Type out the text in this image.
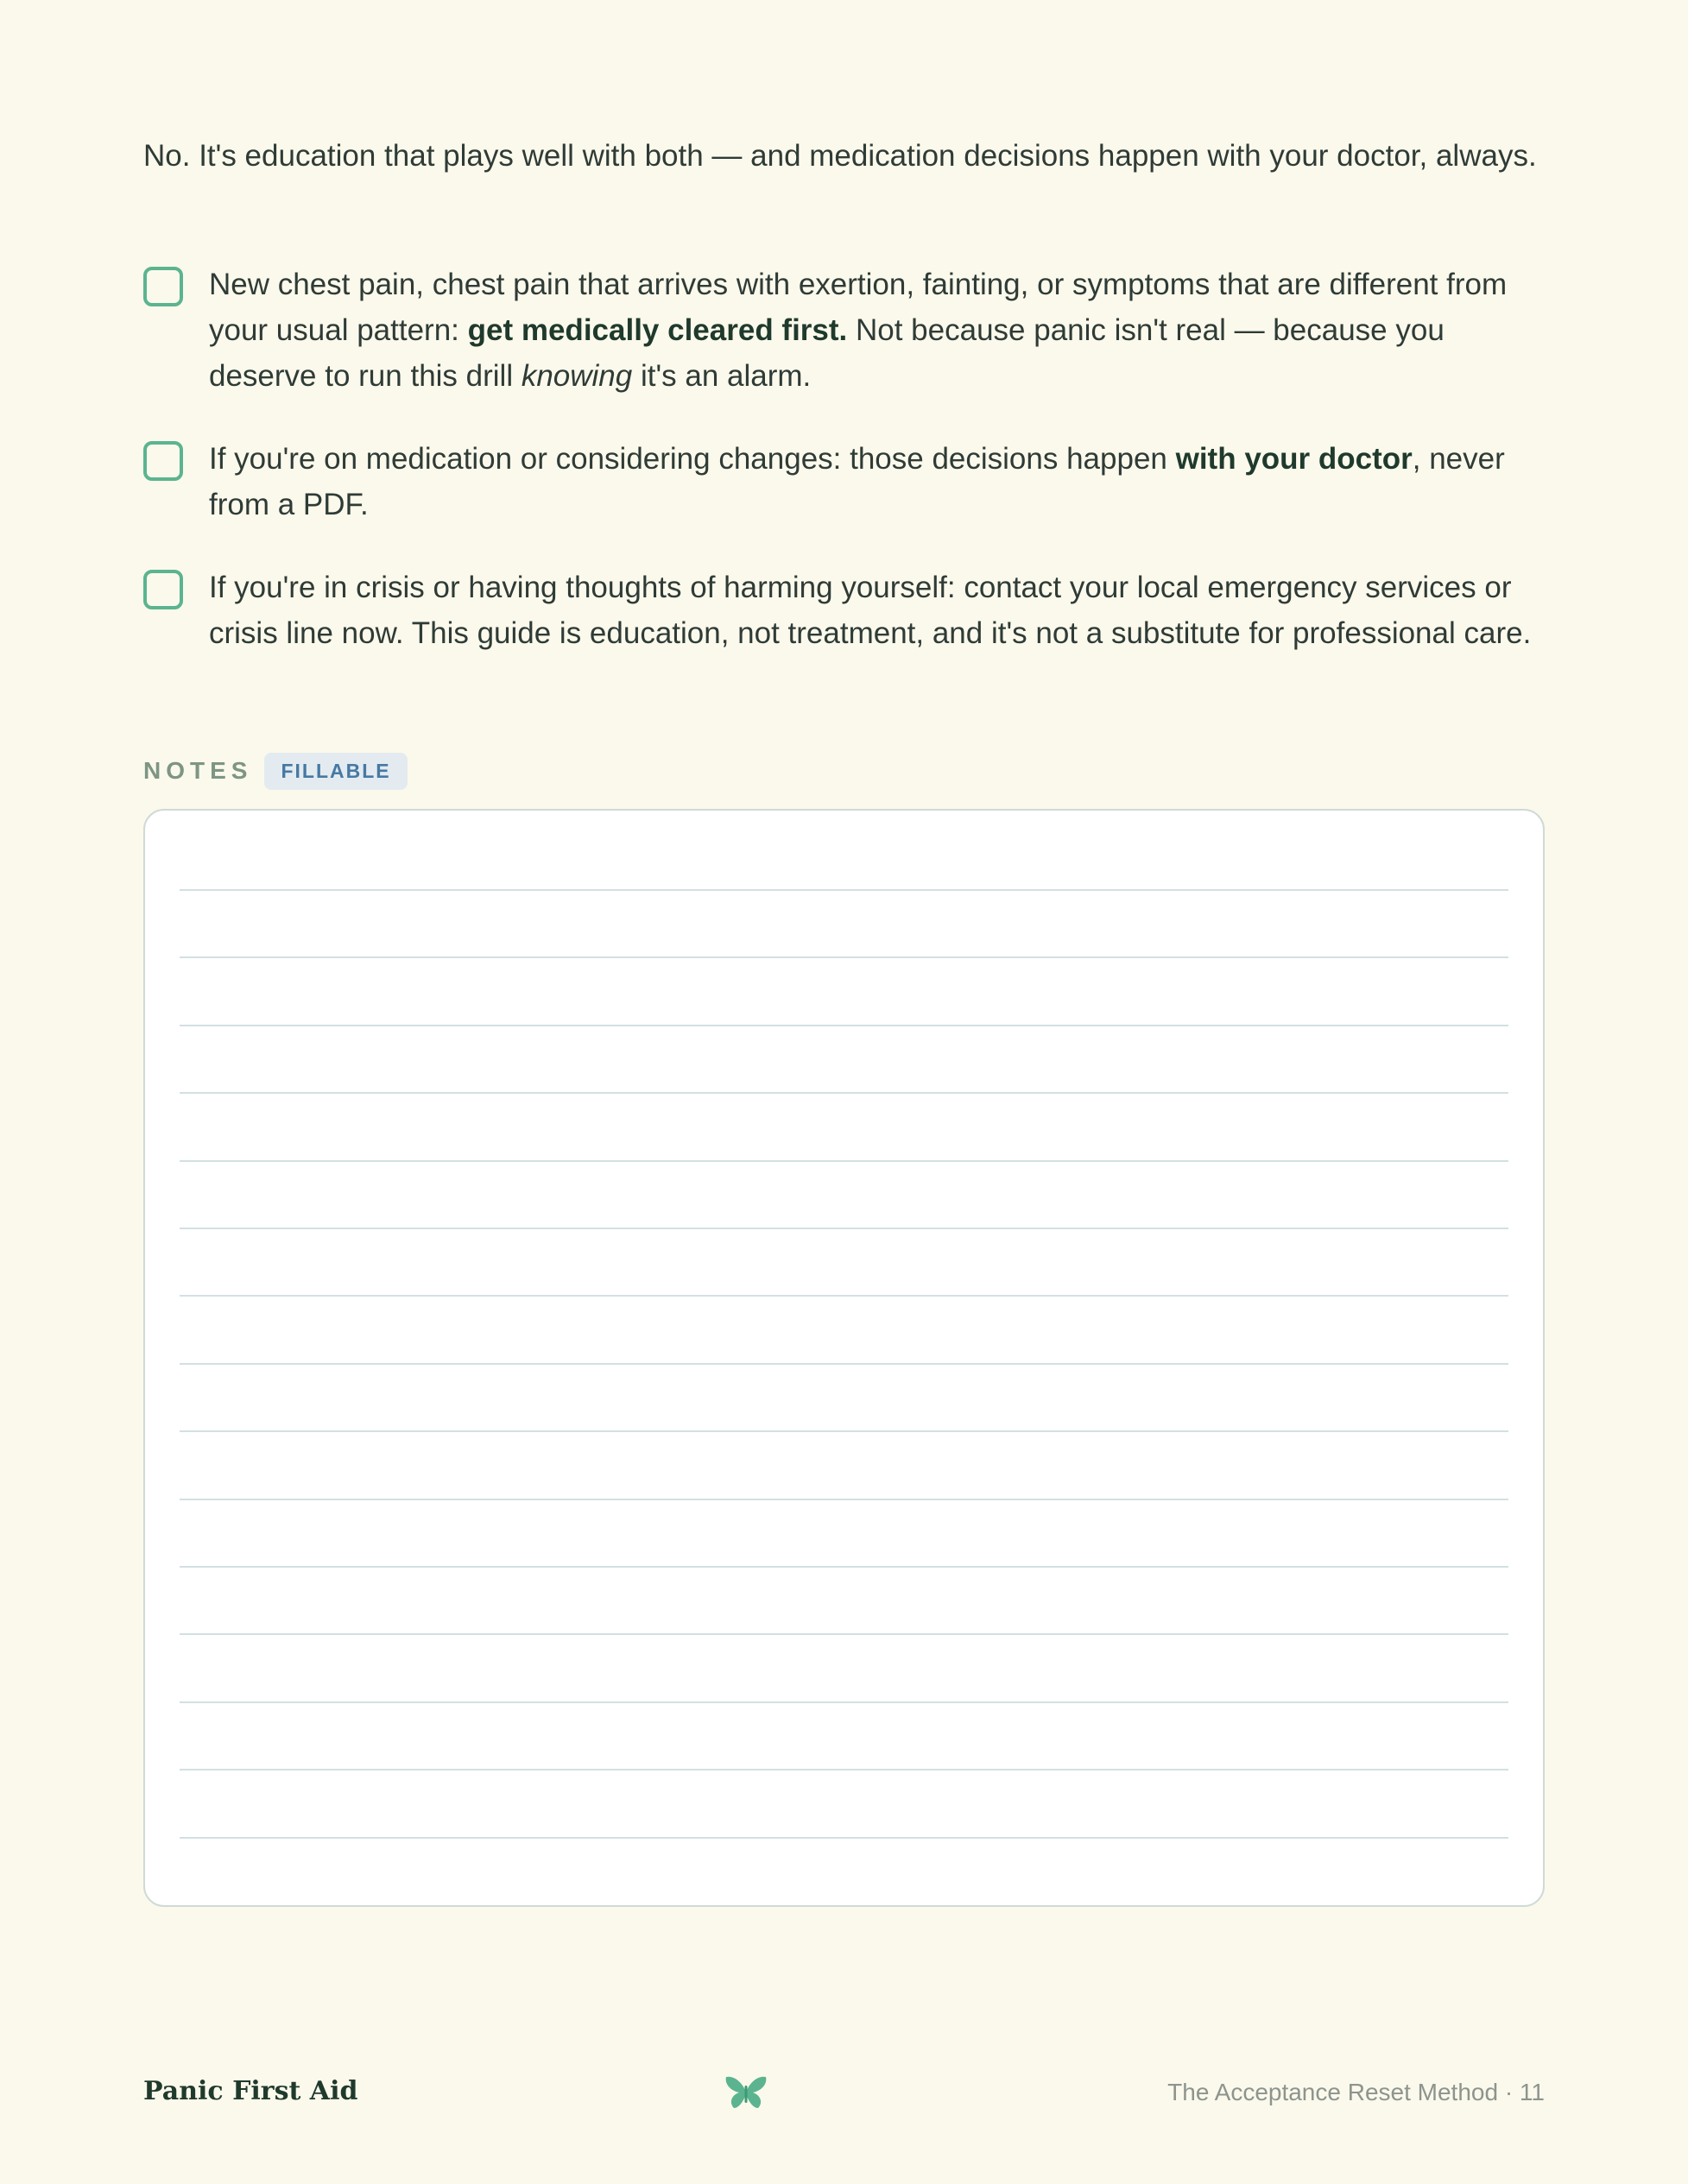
No. It's education that plays well with both — and medication decisions happen with your doctor, always.

New chest pain, chest pain that arrives with exertion, fainting, or symptoms that are different from your usual pattern: get medically cleared first. Not because panic isn't real — because you deserve to run this drill knowing it's an alarm.
If you're on medication or considering changes: those decisions happen with your doctor, never from a PDF.
If you're in crisis or having thoughts of harming yourself: contact your local emergency services or crisis line now. This guide is education, not treatment, and it's not a substitute for professional care.
NOTES	FILLABLE
Panic First Aid	The Acceptance Reset Method · 11
